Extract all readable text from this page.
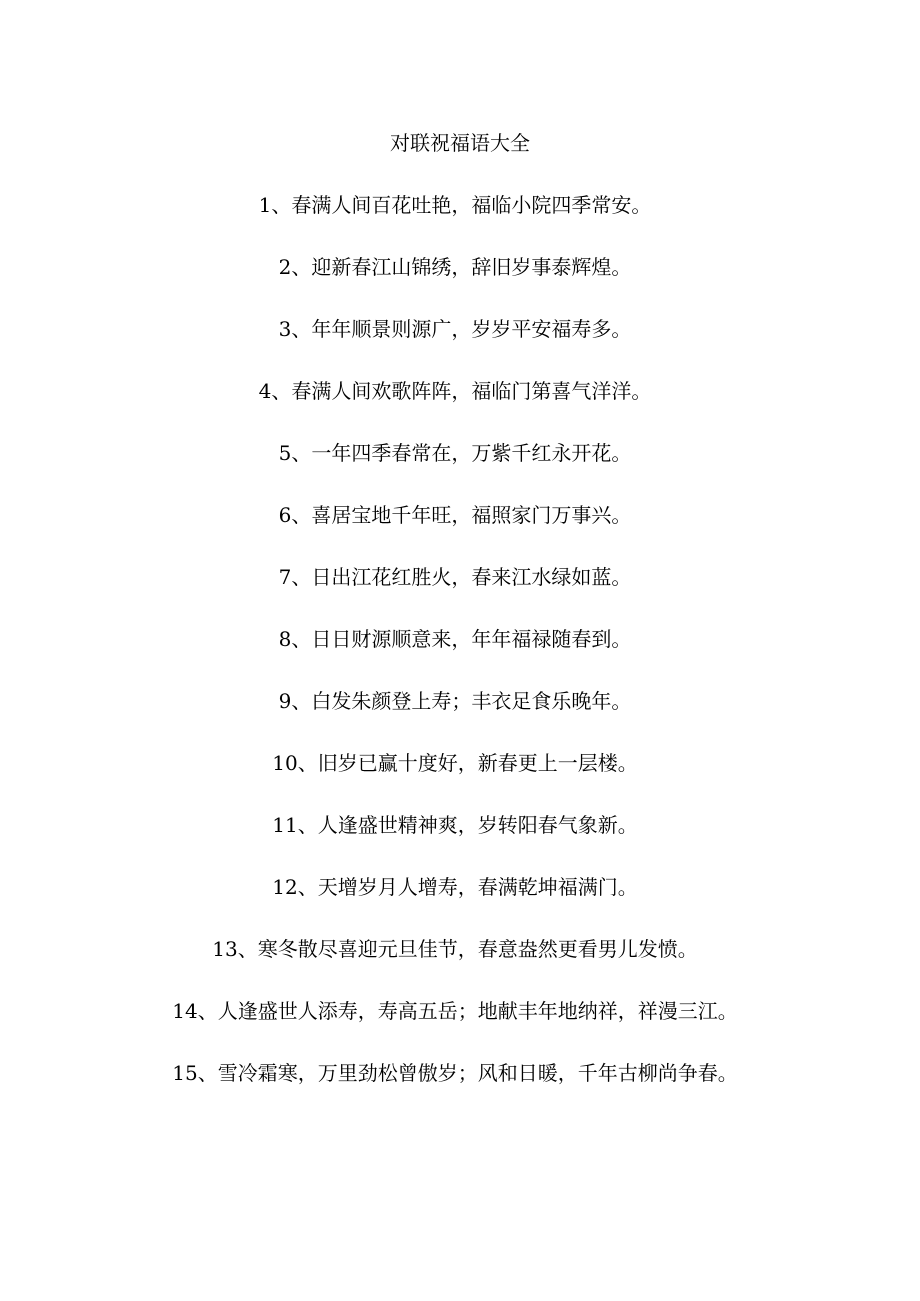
对联祝福语大全
1、春满人间百花吐艳，福临小院四季常安。
2、迎新春江山锦绣，辞旧岁事泰辉煌。
3、年年顺景则源广，岁岁平安福寿多。
4、春满人间欢歌阵阵，福临门第喜气洋洋。
5、一年四季春常在，万紫千红永开花。
6、喜居宝地千年旺，福照家门万事兴。
7、日出江花红胜火，春来江水绿如蓝。
8、日日财源顺意来，年年福禄随春到。
9、白发朱颜登上寿；丰衣足食乐晚年。
10、旧岁已赢十度好，新春更上一层楼。
11、人逢盛世精神爽，岁转阳春气象新。
12、天增岁月人增寿，春满乾坤福满门。
13、寒冬散尽喜迎元旦佳节，春意盎然更看男儿发愤。
14、人逢盛世人添寿，寿高五岳；地献丰年地纳祥，祥漫三江。
15、雪冷霜寒，万里劲松曾傲岁；风和日暖，千年古柳尚争春。
